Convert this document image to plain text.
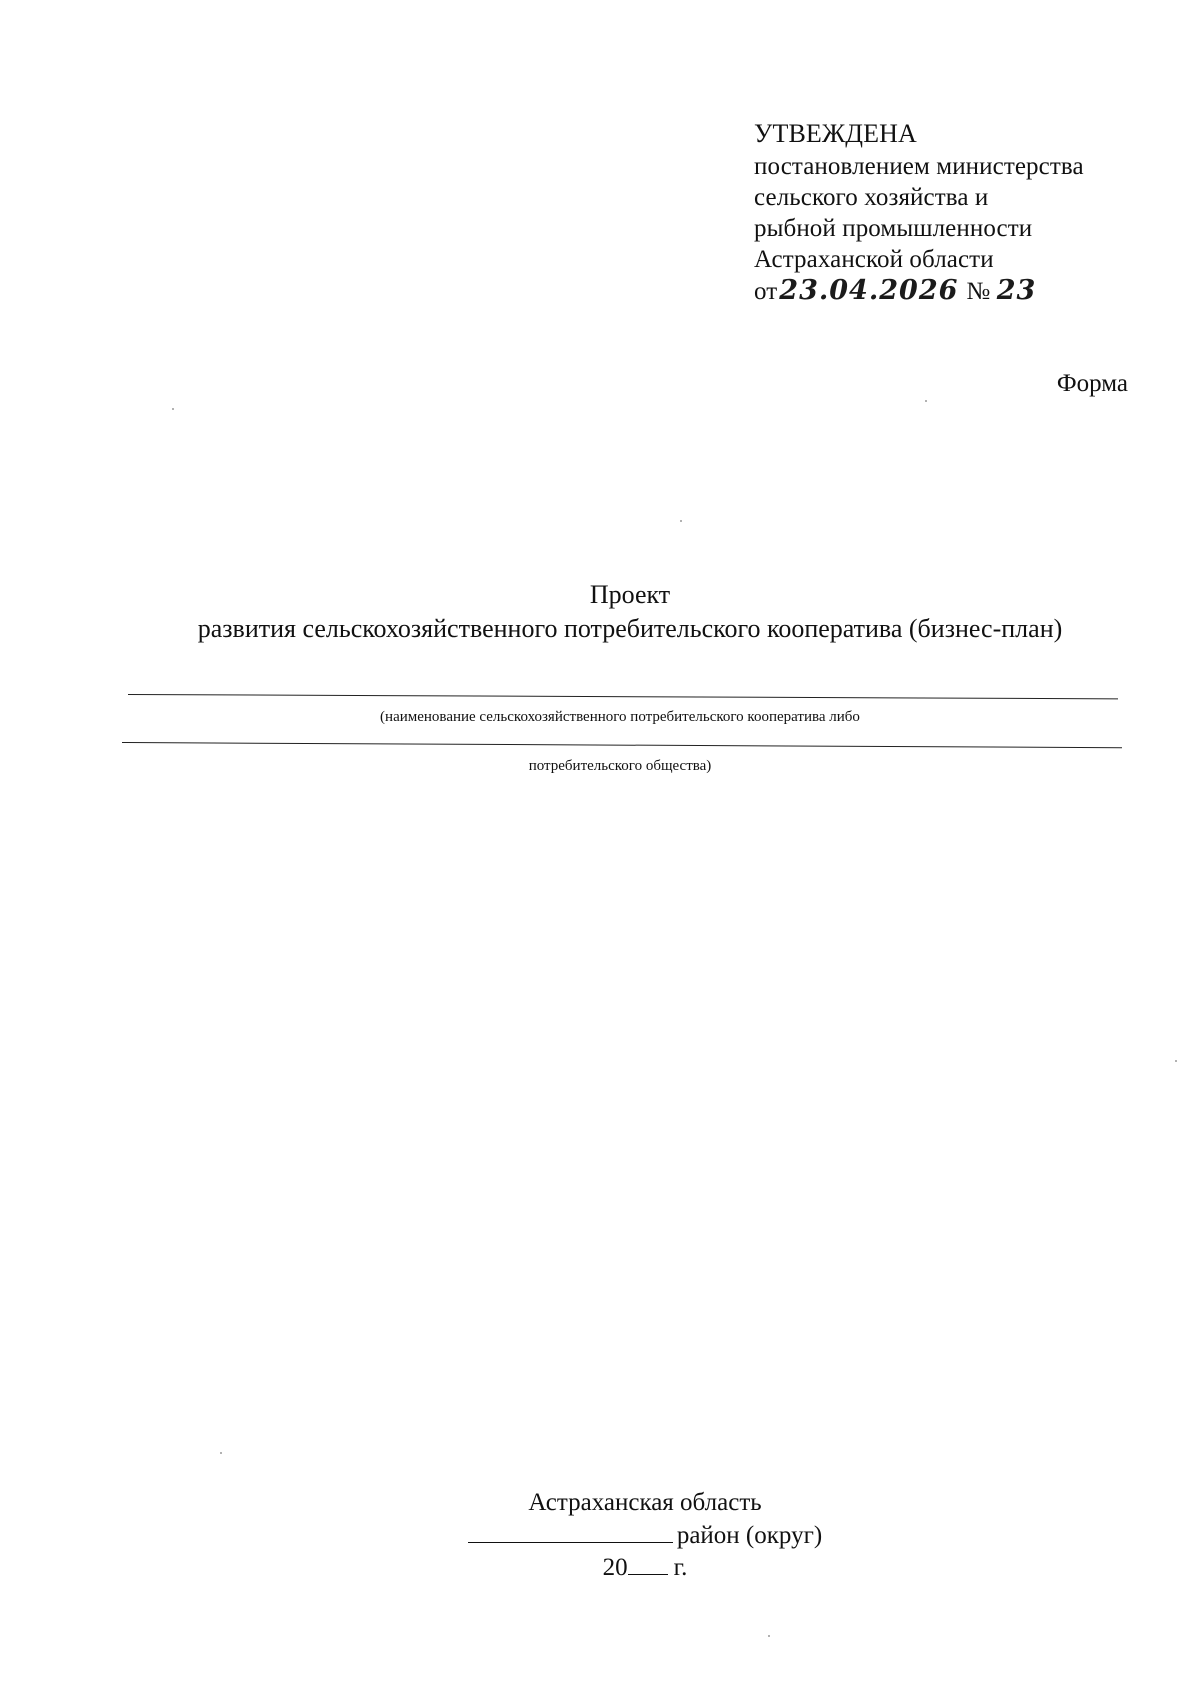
УТВЕЖДЕНА
постановлением министерства
сельского хозяйства и
рыбной промышленности
Астраханской области
от23.04.2026 № 23
Форма
Проект
развития сельскохозяйственного потребительского кооператива (бизнес-план)
(наименование сельскохозяйственного потребительского кооператива либо
потребительского общества)
Астраханская область
район (округ)
20 г.
